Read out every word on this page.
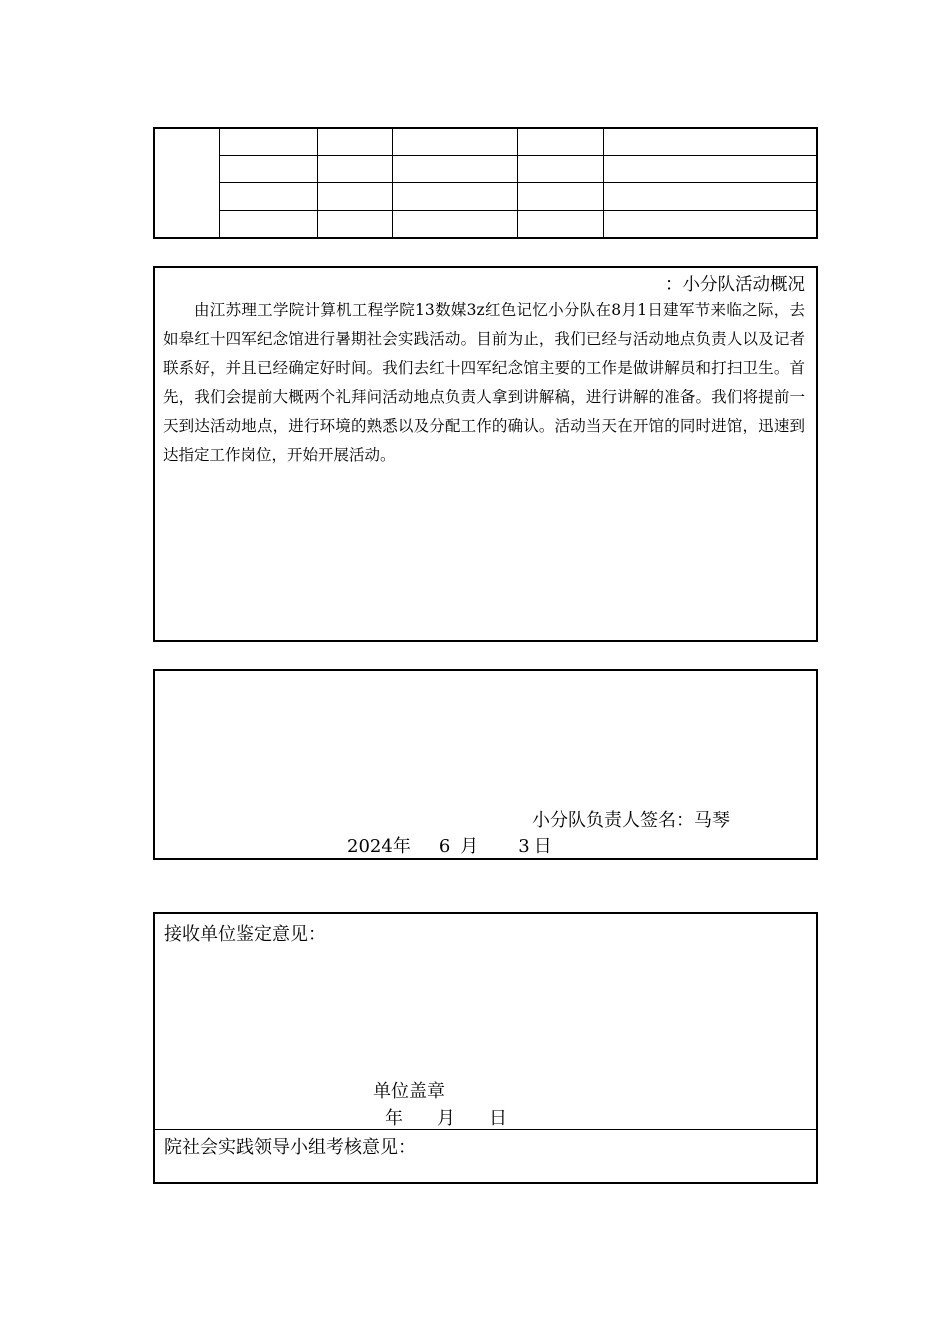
：小分队活动概况
由江苏理工学院计算机工程学院13数媒3z红色记忆小分队在8月1日建军节来临之际，去如皋红十四军纪念馆进行暑期社会实践活动。目前为止，我们已经与活动地点负责人以及记者联系好，并且已经确定好时间。我们去红十四军纪念馆主要的工作是做讲解员和打扫卫生。首先，我们会提前大概两个礼拜问活动地点负责人拿到讲解稿，进行讲解的准备。我们将提前一天到达活动地点，进行环境的熟悉以及分配工作的确认。活动当天在开馆的同时进馆，迅速到达指定工作岗位，开始开展活动。
小分队负责人签名：马琴
2024年 6 月 3 日
接收单位鉴定意见：
单位盖章
年 月 日
院社会实践领导小组考核意见：
